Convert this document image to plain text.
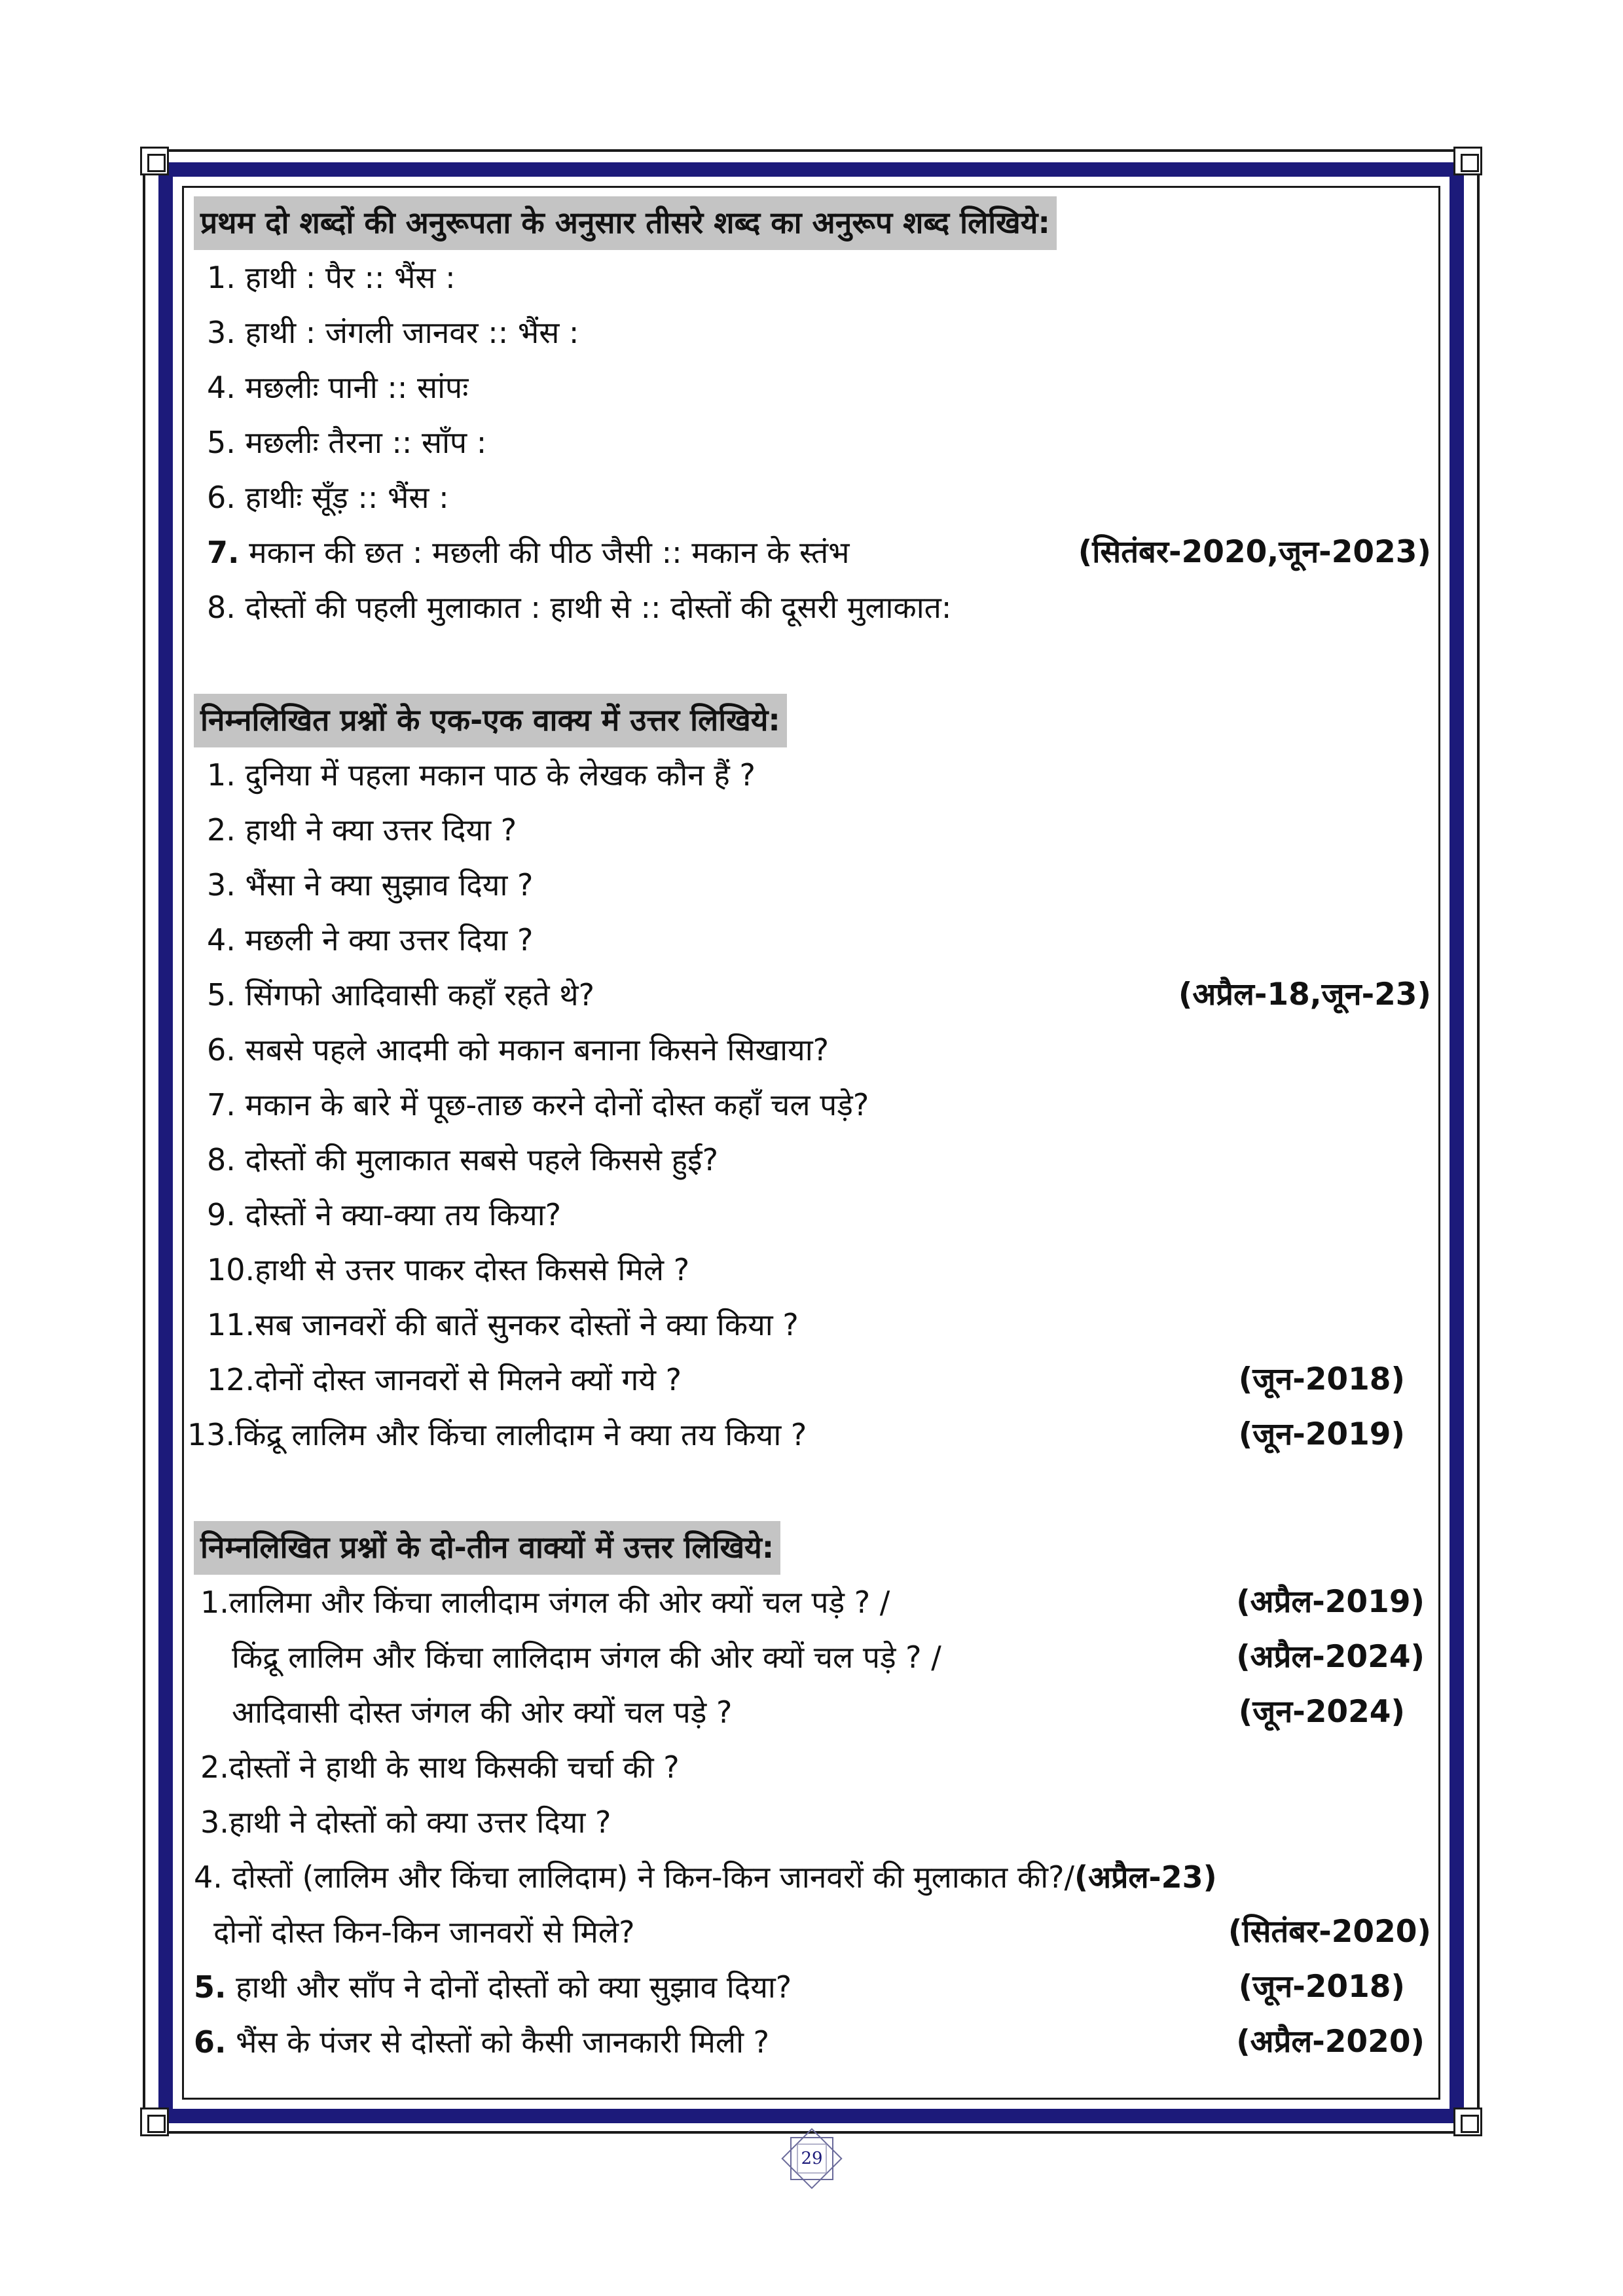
प्रथम दो शब्दों की अनुरूपता के अनुसार तीसरे शब्द का अनुरूप शब्द लिखिये:
1. हाथी : पैर :: भैंस :
3. हाथी : जंगली जानवर :: भैंस :
4. मछलीः पानी :: सांपः
5. मछलीः तैरना :: साँप :
6. हाथीः सूँड़ :: भैंस :
7. मकान की छत : मछली की पीठ जैसी :: मकान के स्तंभ	(सितंबर-2020,जून-2023)
8. दोस्तों की पहली मुलाकात : हाथी से :: दोस्तों की दूसरी मुलाकात:
निम्नलिखित प्रश्नों के एक-एक वाक्य में उत्तर लिखिये:
1. दुनिया में पहला मकान पाठ के लेखक कौन हैं ?
2. हाथी ने क्या उत्तर दिया ?
3. भैंसा ने क्या सुझाव दिया ?
4. मछली ने क्या उत्तर दिया ?
5. सिंगफो आदिवासी कहाँ रहते थे?	(अप्रैल-18,जून-23)
6. सबसे पहले आदमी को मकान बनाना किसने सिखाया?
7. मकान के बारे में पूछ-ताछ करने दोनों दोस्त कहाँ चल पड़े?
8. दोस्तों की मुलाकात सबसे पहले किससे हुई?
9. दोस्तों ने क्या-क्या तय किया?
10.हाथी से उत्तर पाकर दोस्त किससे मिले ?
11.सब जानवरों की बातें सुनकर दोस्तों ने क्या किया ?
12.दोनों दोस्त जानवरों से मिलने क्यों गये ?	(जून-2018)
13.किंद्रू लालिम और किंचा लालीदाम ने क्या तय किया ?	(जून-2019)
निम्नलिखित प्रश्नों के दो-तीन वाक्यों में उत्तर लिखिये:
1.लालिमा और किंचा लालीदाम जंगल की ओर क्यों चल पड़े ? /	(अप्रैल-2019)
किंद्रू लालिम और किंचा लालिदाम जंगल की ओर क्यों चल पड़े ? /	(अप्रैल-2024)
आदिवासी दोस्त जंगल की ओर क्यों चल पड़े ?	(जून-2024)
2.दोस्तों ने हाथी के साथ किसकी चर्चा की ?
3.हाथी ने दोस्तों को क्या उत्तर दिया ?
4. दोस्तों (लालिम और किंचा लालिदाम) ने किन-किन जानवरों की मुलाकात की?/(अप्रैल-23)
दोनों दोस्त किन-किन जानवरों से मिले?	(सितंबर-2020)
5. हाथी और साँप ने दोनों दोस्तों को क्या सुझाव दिया?	(जून-2018)
6. भैंस के पंजर से दोस्तों को कैसी जानकारी मिली ?	(अप्रैल-2020)
29
